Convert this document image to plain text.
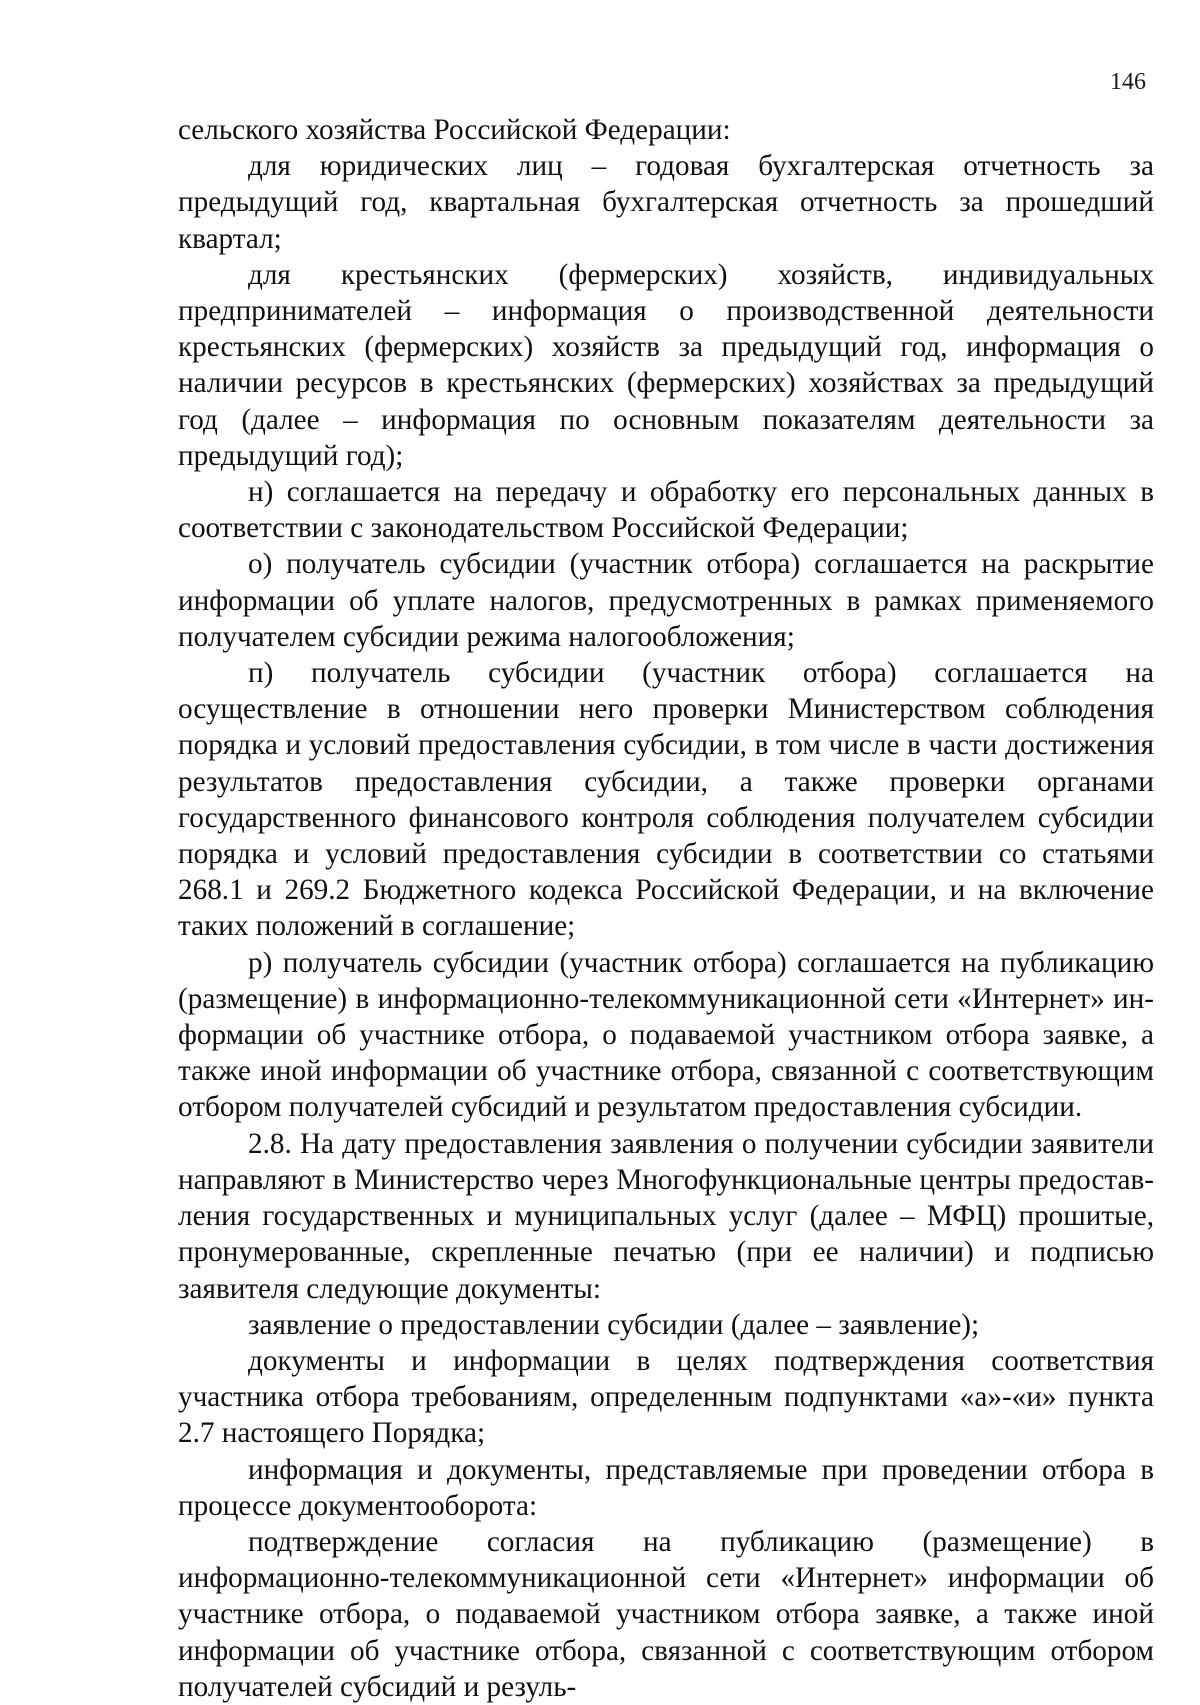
146

сельского хозяйства Российской Федерации:

для юридических лиц – годовая бухгалтерская отчетность за предыдущий год, квартальная бухгалтерская отчетность за прошедший квартал;

для крестьянских (фермерских) хозяйств, индивидуальных предпринимателей – информация о производственной деятельности крестьянских (фермерских) хозяйств за предыдущий год, информация о наличии ресурсов в крестьянских (фермерских) хозяйствах за предыдущий год (далее – информация по основным показателям деятельности за предыдущий год);

н) соглашается на передачу и обработку его персональных данных в соответствии с законодательством Российской Федерации;

о) получатель субсидии (участник отбора) соглашается на раскрытие информации об уплате налогов, предусмотренных в рамках применяемого получателем субсидии режима налогообложения;

п) получатель субсидии (участник отбора) соглашается на осуществление в отношении него проверки Министерством соблюдения порядка и условий предоставления субсидии, в том числе в части достижения результатов предоставления субсидии, а также проверки органами государственного финансового контроля соблюдения получателем субсидии порядка и условий предоставления субсидии в соответствии со статьями 268.1 и 269.2 Бюджетного кодекса Российской Федерации, и на включение таких положений в соглашение;

р) получатель субсидии (участник отбора) соглашается на публикацию (размещение) в информационно-телекоммуникационной сети «Интернет» информации об участнике отбора, о подаваемой участником отбора заявке, а также иной информации об участнике отбора, связанной с соответствующим отбором получателей субсидий и результатом предоставления субсидии.

2.8. На дату предоставления заявления о получении субсидии заявители направляют в Министерство через Многофункциональные центры предоставления государственных и муниципальных услуг (далее – МФЦ) прошитые, пронумерованные, скрепленные печатью (при ее наличии) и подписью заявителя следующие документы:

заявление о предоставлении субсидии (далее – заявление);

документы и информации в целях подтверждения соответствия участника отбора требованиям, определенным подпунктами «а»-«и» пункта 2.7 настоящего Порядка;

информация и документы, представляемые при проведении отбора в процессе документооборота:

подтверждение согласия на публикацию (размещение) в информационно-телекоммуникационной сети «Интернет» информации об участнике отбора, о подаваемой участником отбора заявке, а также иной информации об участнике отбора, связанной с соответствующим отбором получателей субсидий и резуль-
